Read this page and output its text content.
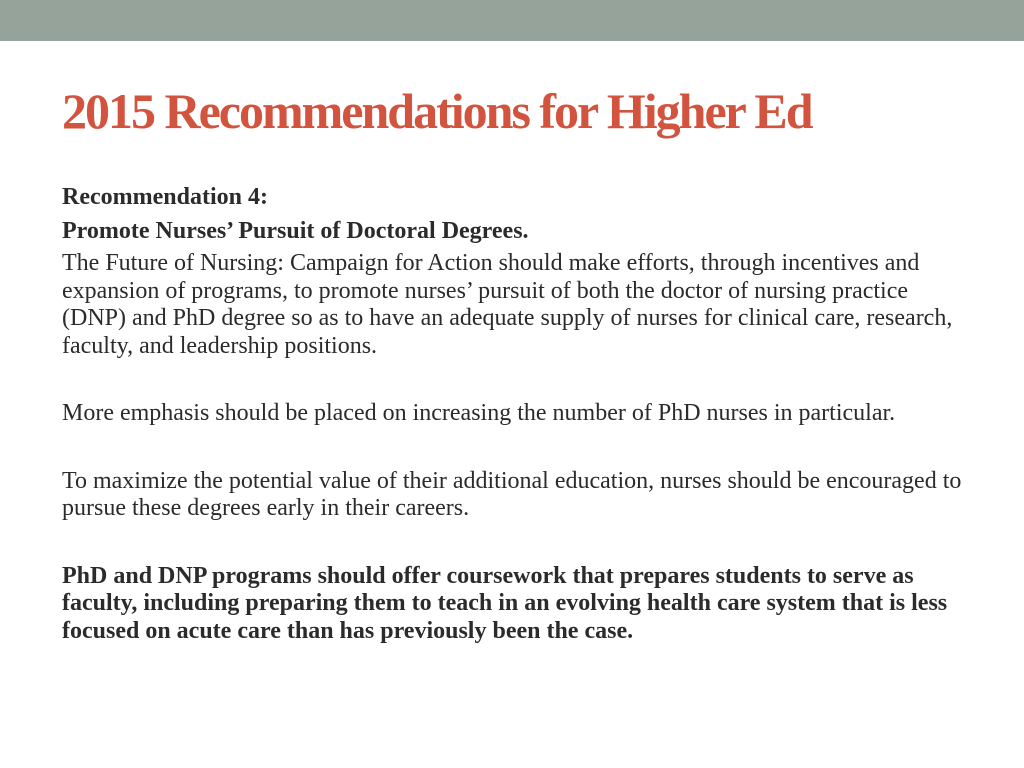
2015 Recommendations for Higher Ed

Recommendation 4:

Promote Nurses’ Pursuit of Doctoral Degrees.

The Future of Nursing: Campaign for Action should make efforts, through incentives and expansion of programs, to promote nurses’ pursuit of both the doctor of nursing practice (DNP) and PhD degree so as to have an adequate supply of nurses for clinical care, research, faculty, and leadership positions.

More emphasis should be placed on increasing the number of PhD nurses in particular.

To maximize the potential value of their additional education, nurses should be encouraged to pursue these degrees early in their careers.

PhD and DNP programs should offer coursework that prepares students to serve as faculty, including preparing them to teach in an evolving health care system that is less focused on acute care than has previously been the case.
